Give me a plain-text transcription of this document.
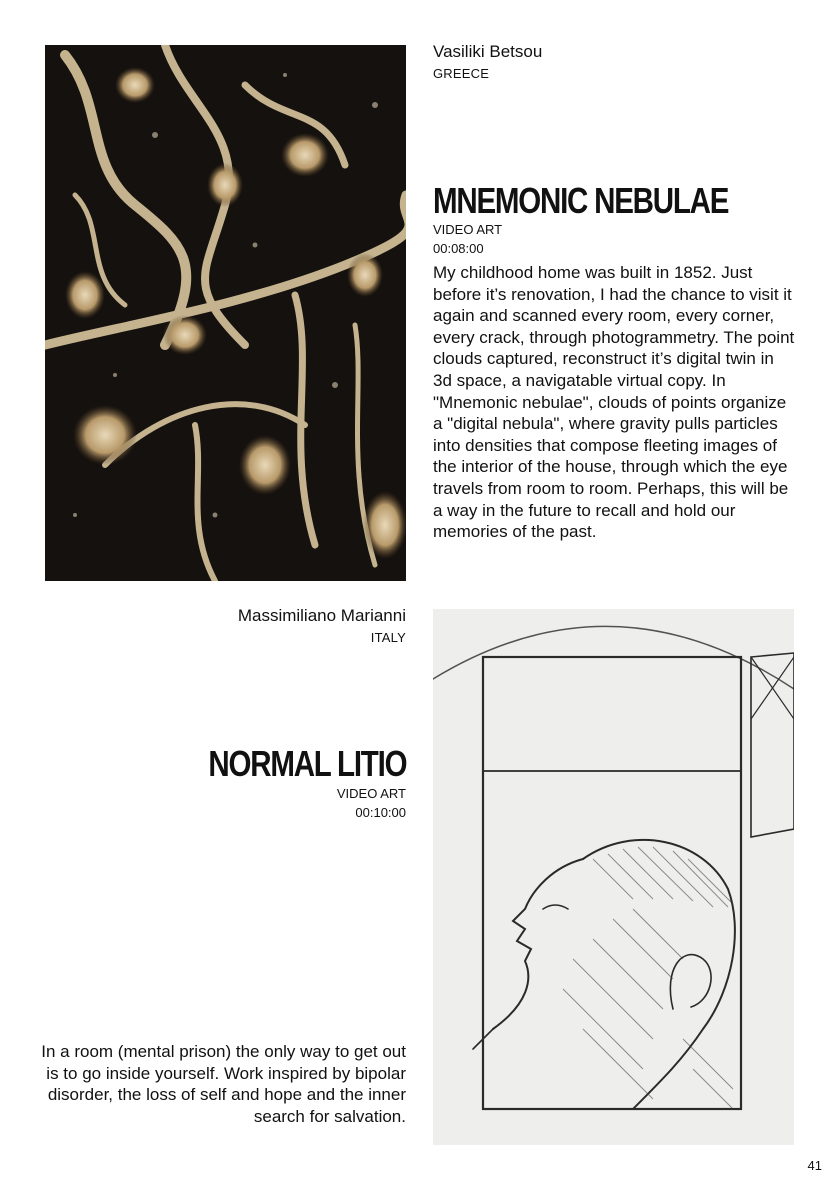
Vasiliki Betsou
GREECE
MNEMONIC NEBULAE
VIDEO ART
00:08:00
My childhood home was built in 1852. Just before it’s renovation, I had the chance to visit it again and scanned every room, every corner, every crack, through photogrammetry. The point clouds captured, reconstruct it’s digital twin in 3d space, a navigatable virtual copy. In "Mnemonic nebulae", clouds of points organize a "digital nebula", where gravity pulls particles into densities that compose fleeting images of the interior of the house, through which the eye travels from room to room. Perhaps, this will be a way in the future to recall and hold our memories of the past.
Massimiliano Marianni
ITALY
NORMAL LITIO
VIDEO ART
00:10:00
In a room (mental prison) the only way to get out is to go inside yourself. Work inspired by bipolar disorder, the loss of self and hope and the inner search for salvation.
41
